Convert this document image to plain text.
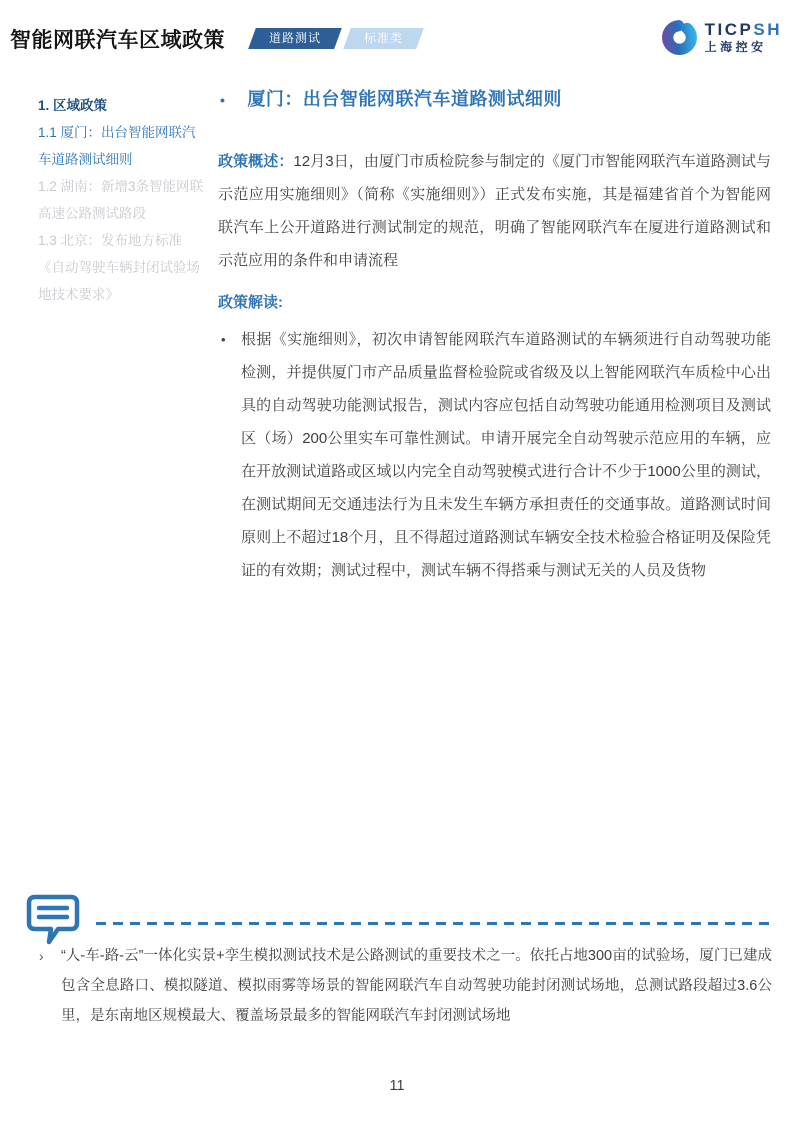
智能网联汽车区域政策	道路测试	标准类	TICPSH
上海控安
1. 区域政策
1.1 厦门：出台智能网联汽车道路测试细则
1.2 湖南：新增3条智能网联高速公路测试路段
1.3 北京：发布地方标准《自动驾驶车辆封闭试验场地技术要求》
• 厦门：出台智能网联汽车道路测试细则

政策概述：12月3日，由厦门市质检院参与制定的《厦门市智能网联汽车道路测试与示范应用实施细则》（简称《实施细则》）正式发布实施，其是福建省首个为智能网联汽车上公开道路进行测试制定的规范，明确了智能网联汽车在厦进行道路测试和示范应用的条件和申请流程

政策解读:
• 根据《实施细则》，初次申请智能网联汽车道路测试的车辆须进行自动驾驶功能检测，并提供厦门市产品质量监督检验院或省级及以上智能网联汽车质检中心出具的自动驾驶功能测试报告，测试内容应包括自动驾驶功能通用检测项目及测试区（场）200公里实车可靠性测试。申请开展完全自动驾驶示范应用的车辆，应在开放测试道路或区域以内完全自动驾驶模式进行合计不少于1000公里的测试，在测试期间无交通违法行为且未发生车辆方承担责任的交通事故。道路测试时间原则上不超过18个月，且不得超过道路测试车辆安全技术检验合格证明及保险凭证的有效期；测试过程中，测试车辆不得搭乘与测试无关的人员及货物
› “人-车-路-云”一体化实景+孪生模拟测试技术是公路测试的重要技术之一。依托占地300亩的试验场，厦门已建成包含全息路口、模拟隧道、模拟雨雾等场景的智能网联汽车自动驾驶功能封闭测试场地，总测试路段超过3.6公里，是东南地区规模最大、覆盖场景最多的智能网联汽车封闭测试场地
11
